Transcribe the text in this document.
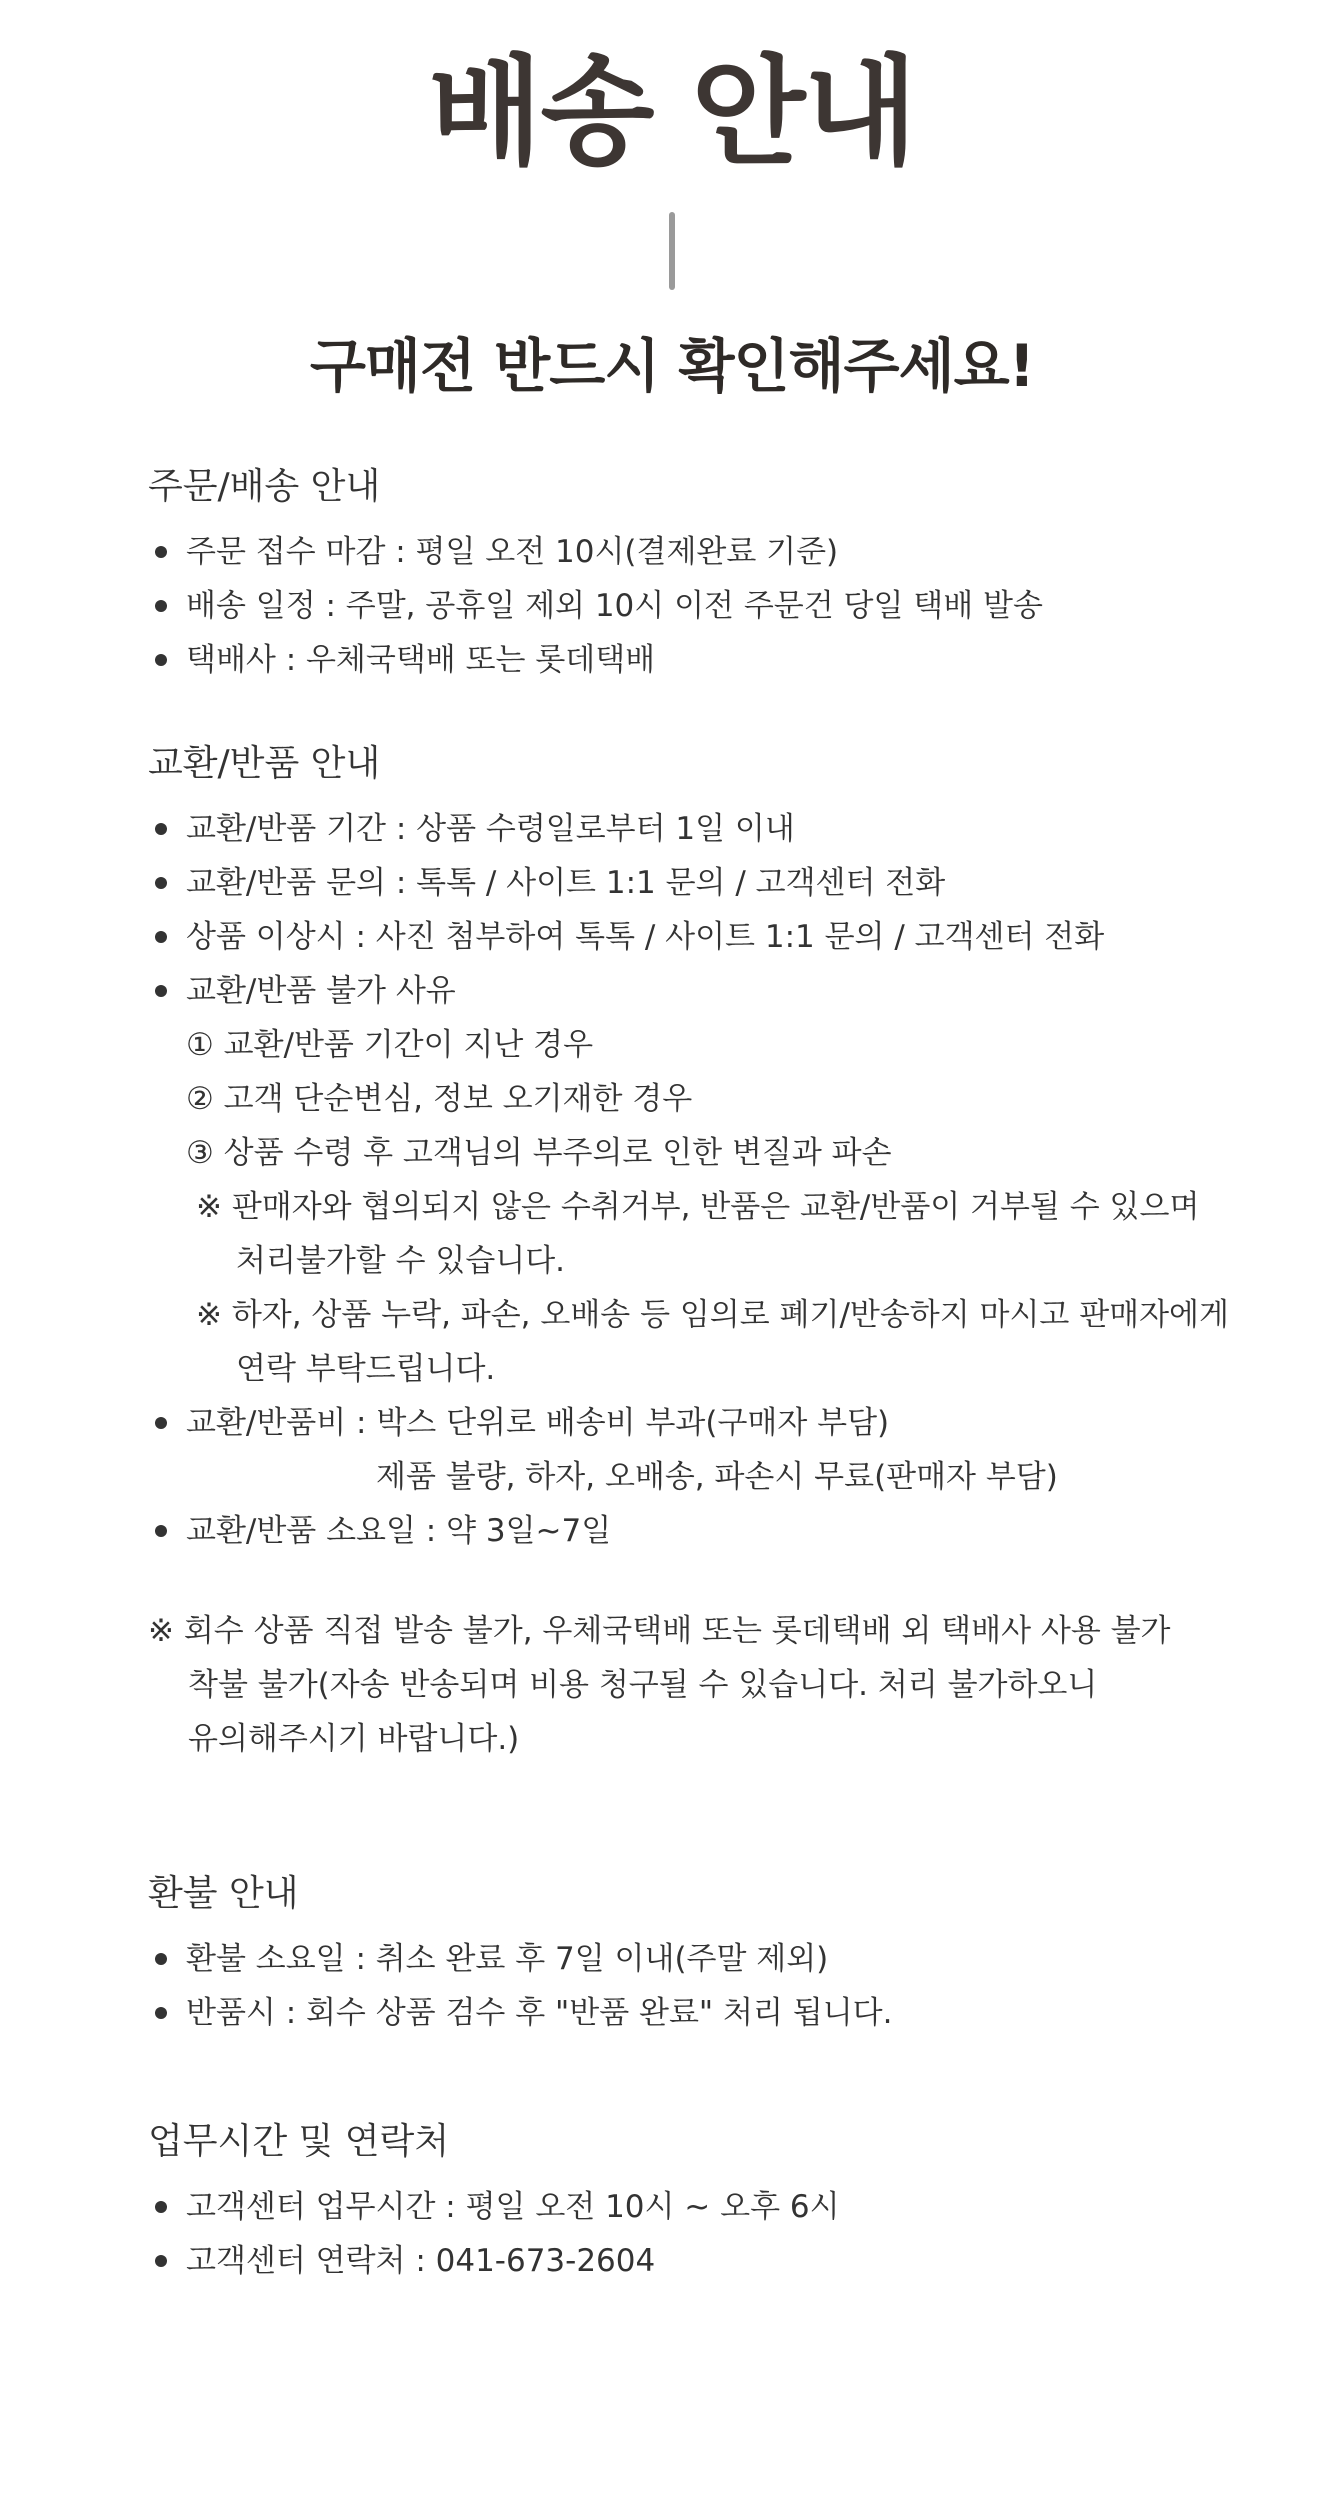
배송 안내
구매전 반드시 확인해주세요!
주문/배송 안내
주문 접수 마감 : 평일 오전 10시(결제완료 기준)
배송 일정 : 주말, 공휴일 제외 10시 이전 주문건 당일 택배 발송
택배사 : 우체국택배 또는 롯데택배
교환/반품 안내
교환/반품 기간 : 상품 수령일로부터 1일 이내
교환/반품 문의 : 톡톡 / 사이트 1:1 문의 / 고객센터 전화
상품 이상시 : 사진 첨부하여 톡톡 / 사이트 1:1 문의 / 고객센터 전화
교환/반품 불가 사유
① 교환/반품 기간이 지난 경우
② 고객 단순변심, 정보 오기재한 경우
③ 상품 수령 후 고객님의 부주의로 인한 변질과 파손
※ 판매자와 협의되지 않은 수취거부, 반품은 교환/반품이 거부될 수 있으며
처리불가할 수 있습니다.
※ 하자, 상품 누락, 파손, 오배송 등 임의로 폐기/반송하지 마시고 판매자에게
연락 부탁드립니다.
교환/반품비 : 박스 단위로 배송비 부과(구매자 부담)
제품 불량, 하자, 오배송, 파손시 무료(판매자 부담)
교환/반품 소요일 : 약 3일~7일
※ 회수 상품 직접 발송 불가, 우체국택배 또는 롯데택배 외 택배사 사용 불가
착불 불가(자송 반송되며 비용 청구될 수 있습니다. 처리 불가하오니
유의해주시기 바랍니다.)
환불 안내
환불 소요일 : 취소 완료 후 7일 이내(주말 제외)
반품시 : 회수 상품 검수 후 "반품 완료" 처리 됩니다.
업무시간 및 연락처
고객센터 업무시간 : 평일 오전 10시 ~ 오후 6시
고객센터 연락처 : 041-673-2604
